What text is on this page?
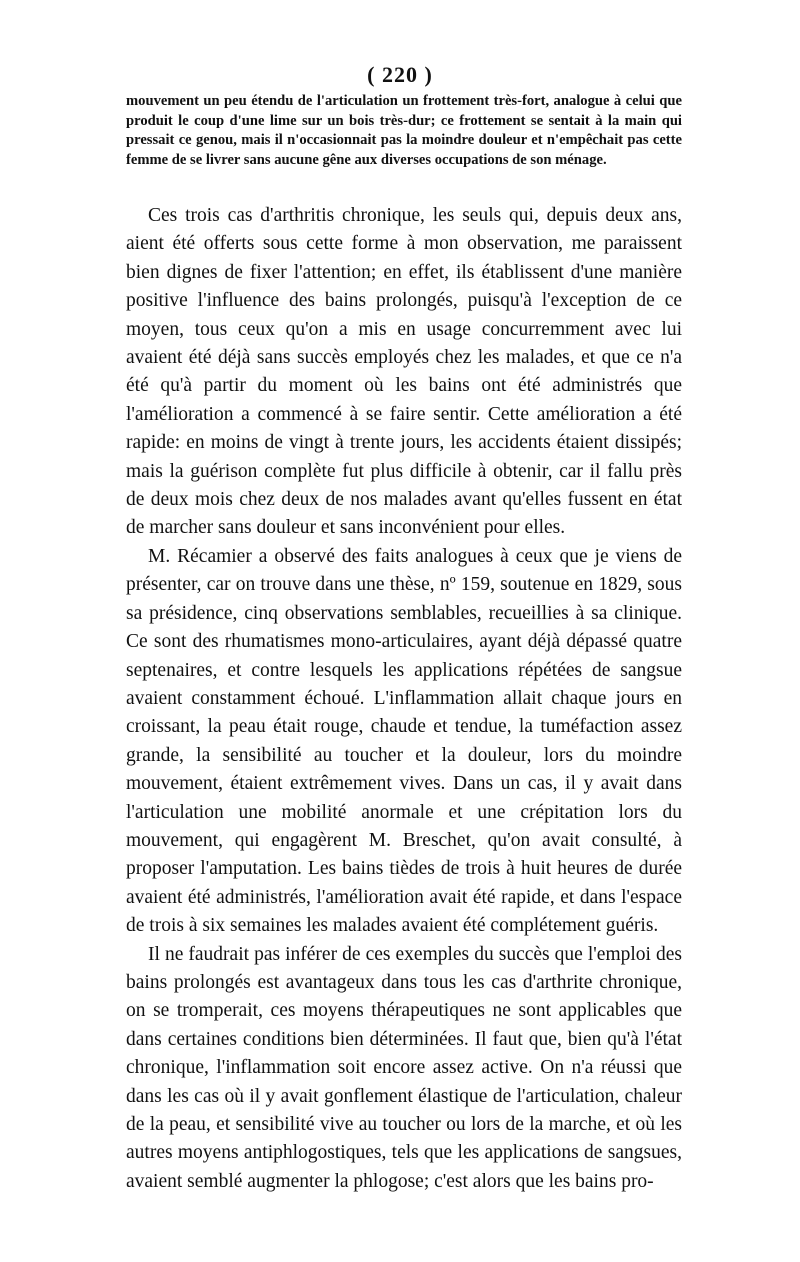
( 220 )
mouvement un peu étendu de l'articulation un frottement très-fort, analogue à celui que produit le coup d'une lime sur un bois très-dur; ce frottement se sentait à la main qui pressait ce genou, mais il n'occasionnait pas la moindre douleur et n'empêchait pas cette femme de se livrer sans aucune gêne aux diverses occupations de son ménage.

Ces trois cas d'arthritis chronique, les seuls qui, depuis deux ans, aient été offerts sous cette forme à mon observation, me paraissent bien dignes de fixer l'attention; en effet, ils établissent d'une manière positive l'influence des bains prolongés, puisqu'à l'exception de ce moyen, tous ceux qu'on a mis en usage concurremment avec lui avaient été déjà sans succès employés chez les malades, et que ce n'a été qu'à partir du moment où les bains ont été administrés que l'amélioration a commencé à se faire sentir. Cette amélioration a été rapide: en moins de vingt à trente jours, les accidents étaient dissipés; mais la guérison complète fut plus difficile à obtenir, car il fallu près de deux mois chez deux de nos malades avant qu'elles fussent en état de marcher sans douleur et sans inconvénient pour elles.

M. Récamier a observé des faits analogues à ceux que je viens de présenter, car on trouve dans une thèse, nº 159, soutenue en 1829, sous sa présidence, cinq observations semblables, recueillies à sa clinique. Ce sont des rhumatismes mono-articulaires, ayant déjà dépassé quatre septenaires, et contre lesquels les applications répétées de sangsue avaient constamment échoué. L'inflammation allait chaque jours en croissant, la peau était rouge, chaude et tendue, la tuméfaction assez grande, la sensibilité au toucher et la douleur, lors du moindre mouvement, étaient extrêmement vives. Dans un cas, il y avait dans l'articulation une mobilité anormale et une crépitation lors du mouvement, qui engagèrent M. Breschet, qu'on avait consulté, à proposer l'amputation. Les bains tièdes de trois à huit heures de durée avaient été administrés, l'amélioration avait été rapide, et dans l'espace de trois à six semaines les malades avaient été complétement guéris.

Il ne faudrait pas inférer de ces exemples du succès que l'emploi des bains prolongés est avantageux dans tous les cas d'arthrite chronique, on se tromperait, ces moyens thérapeutiques ne sont applicables que dans certaines conditions bien déterminées. Il faut que, bien qu'à l'état chronique, l'inflammation soit encore assez active. On n'a réussi que dans les cas où il y avait gonflement élastique de l'articulation, chaleur de la peau, et sensibilité vive au toucher ou lors de la marche, et où les autres moyens antiphlogostiques, tels que les applications de sangsues, avaient semblé augmenter la phlogose; c'est alors que les bains pro-
